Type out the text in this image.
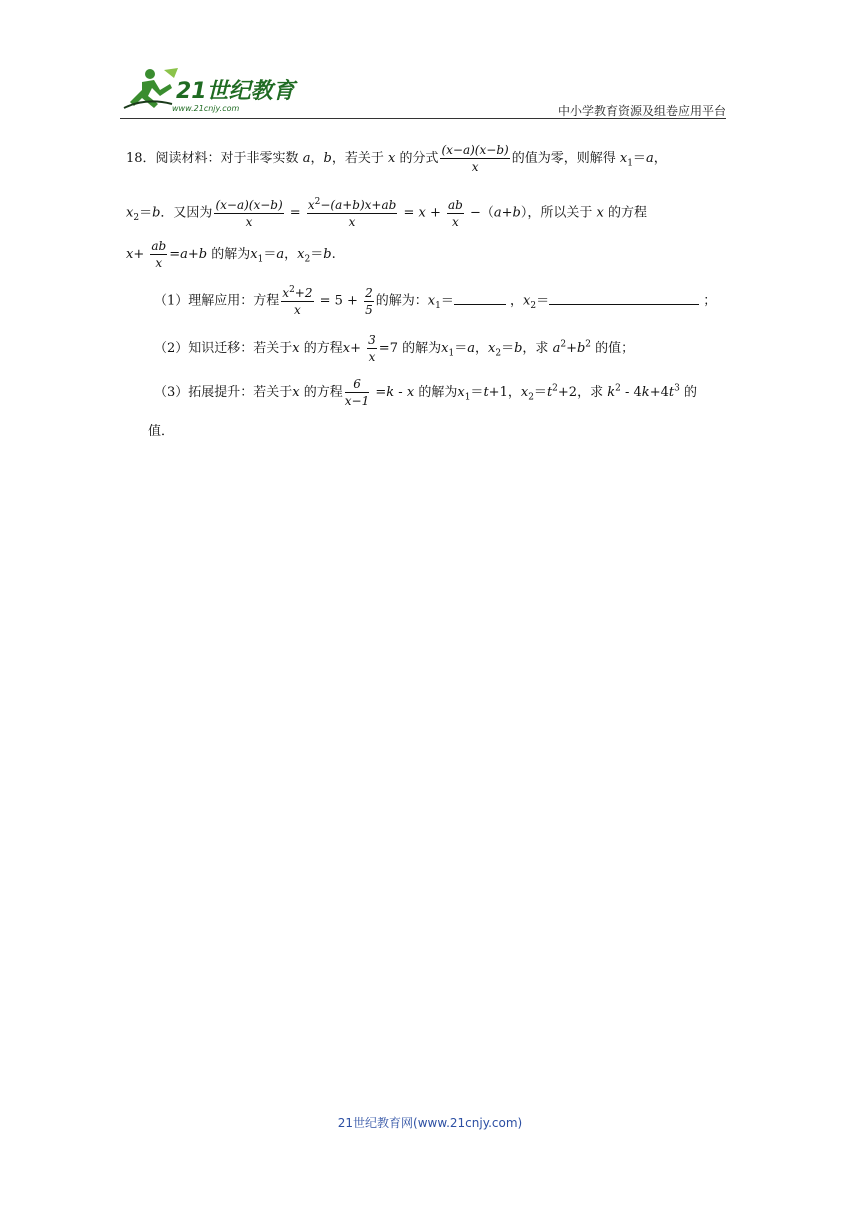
21世纪教育
www.21cnjy.com	中小学教育资源及组卷应用平台
18．阅读材料：对于非零实数 a，b，若关于 x 的分式 $\frac{(x-a)(x-b)}{x}$ 的值为零，则解得 $x_1=a$，
$x_2=b$．又因为 $\frac{(x-a)(x-b)}{x} = \frac{x^2-(a+b)x+ab}{x} = x + \frac{ab}{x} -(a+b)$，所以关于 x 的方程
$x+ \frac{ab}{x} =a+b$ 的解为$x_1=a$，$x_2=b$.
（1）理解应用：方程 $\frac{x^2+2}{x} = 5 + \frac{2}{5}$ 的解为：$x_1=$	，$x_2=$	；
（2）知识迁移：若关于x 的方程$x+ \frac{3}{x} =7$ 的解为$x_1=a$，$x_2=b$，求 $a^2+b^2$ 的值；
（3）拓展提升：若关于x 的方程 $\frac{6}{x-1} =k - x$ 的解为$x_1=t+1$，$x_2=t^2+2$，求 $k^2 - 4k+4t^3$ 的
值．
21世纪教育网(www.21cnjy.com)
